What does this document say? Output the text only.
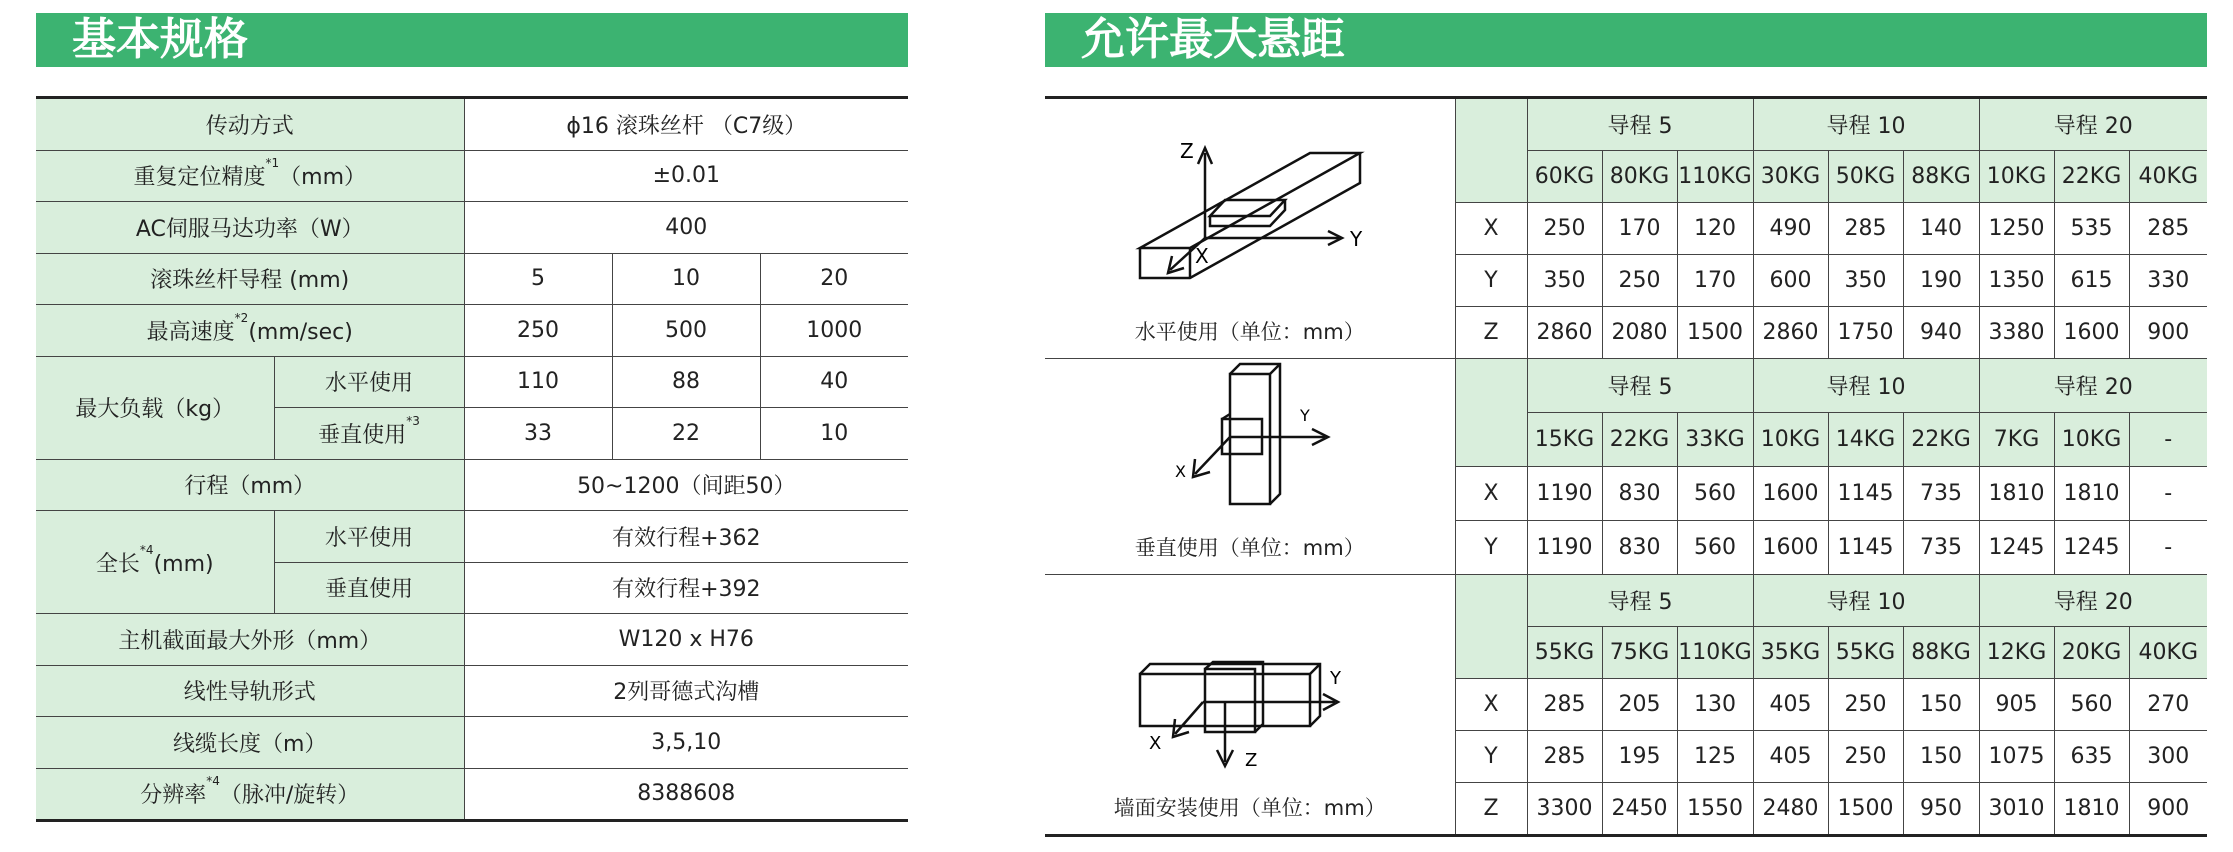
基本规格	允许最大悬距
传动方式		ϕ16 滚珠丝杆 （C7级）		
重复定位精度$^{*1}$（mm）		±0.01		
AC伺服马达功率（W）		400		
滚珠丝杆导程 (mm)		5	10	20
最高速度$^{*2}$(mm/sec)		250	500	1000
最大负载（kg）	水平使用	110	88	40
	垂直使用$^{*3}$	33	22	10
行程（mm）		50~1200（间距50）		
全长$^{*4}$(mm)	水平使用	有效行程+362		
	垂直使用	有效行程+392		
主机截面最大外形（mm）		W120 x H76		
线性导轨形式		2列哥德式沟槽		
线缆长度（m）		3,5,10		
分辨率$^{*4}$（脉冲/旋转）		8388608		
Z
X
Y
水平使用（单位：mm）		导程 5			导程 10			导程 20		
		60KG	80KG	110KG	30KG	50KG	88KG	10KG	22KG	40KG
	X	250	170	120	490	285	140	1250	535	285
	Y	350	250	170	600	350	190	1350	615	330
	Z	2860	2080	1500	2860	1750	940	3380	1600	900

Y
X
垂直使用（单位：mm）		导程 5			导程 10			导程 20		
		15KG	22KG	33KG	10KG	14KG	22KG	7KG	10KG	-
	X	1190	830	560	1600	1145	735	1810	1810	-
	Y	1190	830	560	1600	1145	735	1245	1245	-

Y
X
Z
墙面安装使用（单位：mm）		导程 5			导程 10			导程 20		
		55KG	75KG	110KG	35KG	55KG	88KG	12KG	20KG	40KG
	X	285	205	130	405	250	150	905	560	270
	Y	285	195	125	405	250	150	1075	635	300
	Z	3300	2450	1550	2480	1500	950	3010	1810	900
